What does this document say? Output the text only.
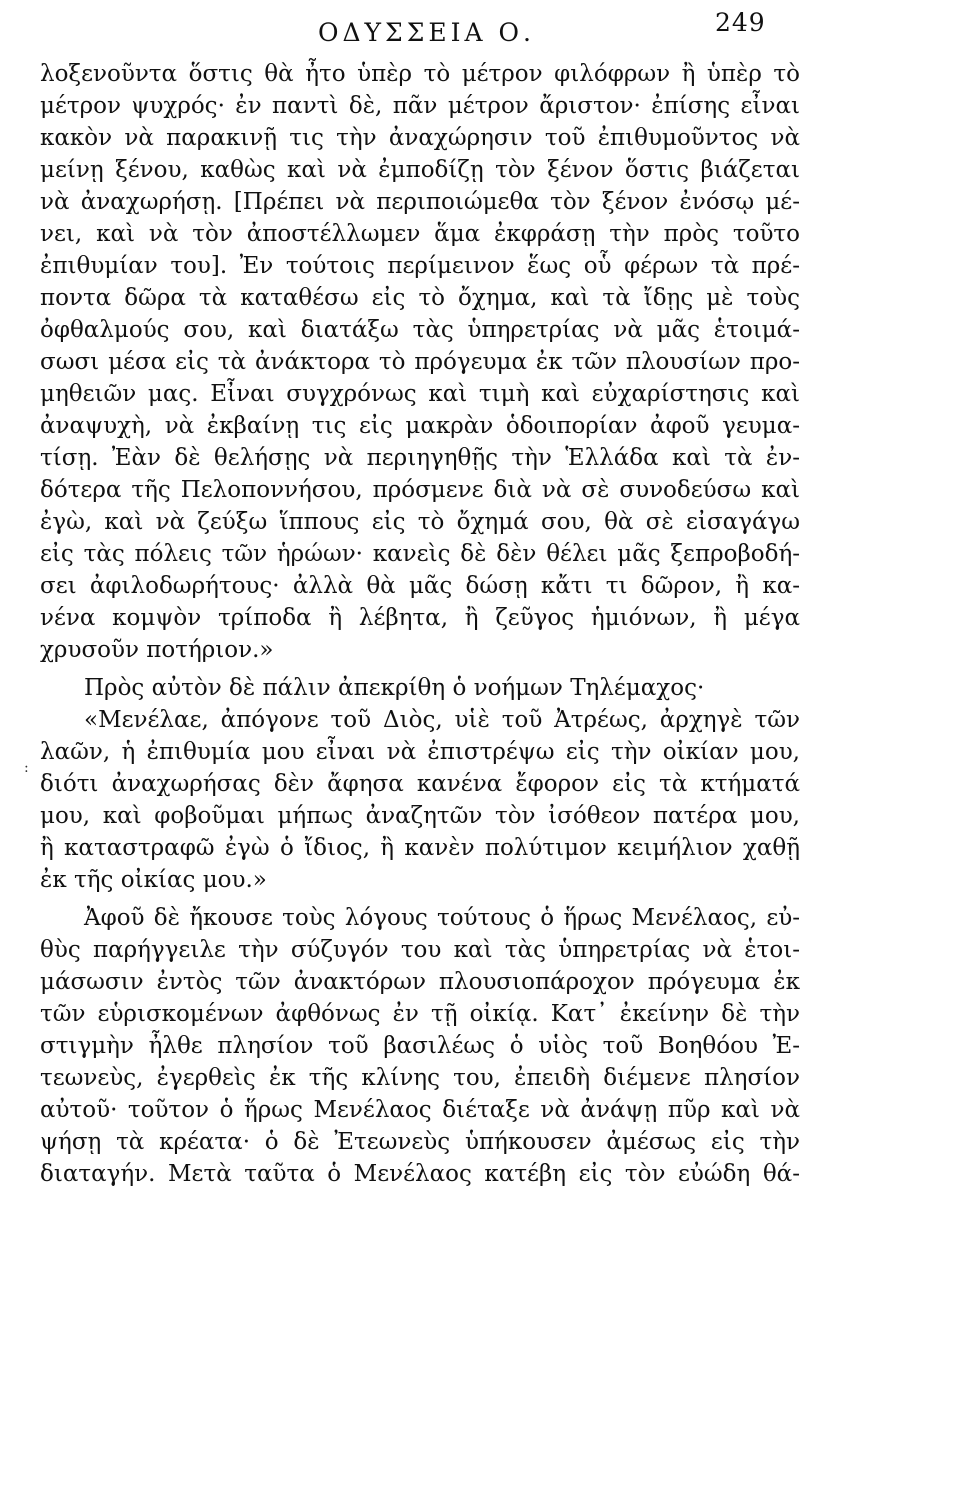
ΟΔΥΣΣΕΙΑ Ο.	249
:
λοξενοῦντα ὅστις θὰ ἦτο ὑπὲρ τὸ μέτρον φιλόφρων ἢ ὑπὲρ τὸ
μέτρον ψυχρός· ἐν παντὶ δὲ, πᾶν μέτρον ἄριστον· ἐπίσης εἶναι
κακὸν νὰ παρακινῇ τις τὴν ἀναχώρησιν τοῦ ἐπιθυμοῦντος νὰ
μείνῃ ξένου, καθὼς καὶ νὰ ἐμποδίζῃ τὸν ξένον ὅστις βιάζεται
νὰ ἀναχωρήσῃ. [Πρέπει νὰ περιποιώμεθα τὸν ξένον ἐνόσῳ μέ-
νει, καὶ νὰ τὸν ἀποστέλλωμεν ἅμα ἐκφράσῃ τὴν πρὸς τοῦτο
ἐπιθυμίαν του]. Ἐν τούτοις περίμεινον ἕως οὗ φέρων τὰ πρέ-
ποντα δῶρα τὰ καταθέσω εἰς τὸ ὄχημα, καὶ τὰ ἴδῃς μὲ τοὺς
ὀφθαλμούς σου, καὶ διατάξω τὰς ὑπηρετρίας νὰ μᾶς ἑτοιμά-
σωσι μέσα εἰς τὰ ἀνάκτορα τὸ πρόγευμα ἐκ τῶν πλουσίων προ-
μηθειῶν μας. Εἶναι συγχρόνως καὶ τιμὴ καὶ εὐχαρίστησις καὶ
ἀναψυχὴ, νὰ ἐκβαίνῃ τις εἰς μακρὰν ὁδοιπορίαν ἀφοῦ γευμα-
τίσῃ. Ἐὰν δὲ θελήσῃς νὰ περιηγηθῇς τὴν Ἑλλάδα καὶ τὰ ἐν-
δότερα τῆς Πελοποννήσου, πρόσμενε διὰ νὰ σὲ συνοδεύσω καὶ
ἐγὼ, καὶ νὰ ζεύξω ἵππους εἰς τὸ ὄχημά σου, θὰ σὲ εἰσαγάγω
εἰς τὰς πόλεις τῶν ἡρώων· κανεὶς δὲ δὲν θέλει μᾶς ξεπροβοδή-
σει ἀφιλοδωρήτους· ἀλλὰ θὰ μᾶς δώσῃ κἄτι τι δῶρον, ἢ κα-
νένα κομψὸν τρίποδα ἢ λέβητα, ἢ ζεῦγος ἡμιόνων, ἢ μέγα
χρυσοῦν ποτήριον.»
Πρὸς αὐτὸν δὲ πάλιν ἀπεκρίθη ὁ νοήμων Τηλέμαχος·
«Μενέλαε, ἀπόγονε τοῦ Διὸς, υἱὲ τοῦ Ἀτρέως, ἀρχηγὲ τῶν
λαῶν, ἡ ἐπιθυμία μου εἶναι νὰ ἐπιστρέψω εἰς τὴν οἰκίαν μου,
διότι ἀναχωρήσας δὲν ἄφησα κανένα ἔφορον εἰς τὰ κτήματά
μου, καὶ φοβοῦμαι μήπως ἀναζητῶν τὸν ἰσόθεον πατέρα μου,
ἢ καταστραφῶ ἐγὼ ὁ ἴδιος, ἢ κανὲν πολύτιμον κειμήλιον χαθῇ
ἐκ τῆς οἰκίας μου.»
Ἀφοῦ δὲ ἤκουσε τοὺς λόγους τούτους ὁ ἥρως Μενέλαος, εὐ-
θὺς παρήγγειλε τὴν σύζυγόν του καὶ τὰς ὑπηρετρίας νὰ ἑτοι-
μάσωσιν ἐντὸς τῶν ἀνακτόρων πλουσιοπάροχον πρόγευμα ἐκ
τῶν εὑρισκομένων ἀφθόνως ἐν τῇ οἰκίᾳ. Κατ᾽ ἐκείνην δὲ τὴν
στιγμὴν ἦλθε πλησίον τοῦ βασιλέως ὁ υἱὸς τοῦ Βοηθόου Ἐ-
τεωνεὺς, ἐγερθεὶς ἐκ τῆς κλίνης του, ἐπειδὴ διέμενε πλησίον
αὐτοῦ· τοῦτον ὁ ἥρως Μενέλαος διέταξε νὰ ἀνάψῃ πῦρ καὶ νὰ
ψήσῃ τὰ κρέατα· ὁ δὲ Ἐτεωνεὺς ὑπήκουσεν ἀμέσως εἰς τὴν
διαταγήν. Μετὰ ταῦτα ὁ Μενέλαος κατέβη εἰς τὸν εὐώδη θά-
